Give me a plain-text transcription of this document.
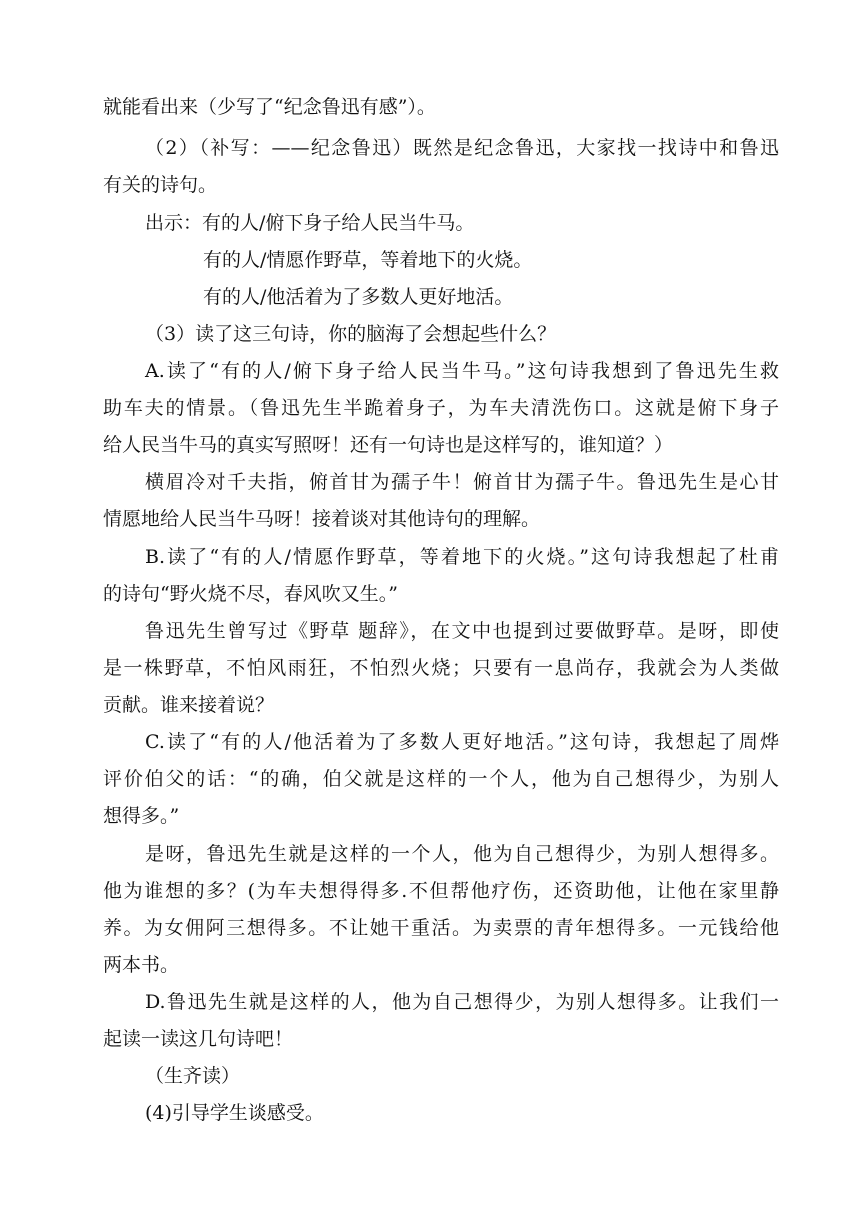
就能看出来（少写了“纪念鲁迅有感”）。
（2）（补写：——纪念鲁迅）既然是纪念鲁迅，大家找一找诗中和鲁迅
有关的诗句。
出示：有的人/俯下身子给人民当牛马。
有的人/情愿作野草，等着地下的火烧。
有的人/他活着为了多数人更好地活。
（3）读了这三句诗，你的脑海了会想起些什么？
A.读了“有的人/俯下身子给人民当牛马。”这句诗我想到了鲁迅先生救
助车夫的情景。（鲁迅先生半跪着身子，为车夫清洗伤口。这就是俯下身子
给人民当牛马的真实写照呀！还有一句诗也是这样写的，谁知道？）
横眉冷对千夫指，俯首甘为孺子牛！俯首甘为孺子牛。鲁迅先生是心甘
情愿地给人民当牛马呀！接着谈对其他诗句的理解。
B.读了“有的人/情愿作野草，等着地下的火烧。”这句诗我想起了杜甫
的诗句“野火烧不尽，春风吹又生。”
鲁迅先生曾写过《野草 题辞》，在文中也提到过要做野草。是呀，即使
是一株野草，不怕风雨狂，不怕烈火烧；只要有一息尚存，我就会为人类做
贡献。谁来接着说？
C.读了“有的人/他活着为了多数人更好地活。”这句诗，我想起了周烨
评价伯父的话：“的确，伯父就是这样的一个人，他为自己想得少，为别人
想得多。”
是呀，鲁迅先生就是这样的一个人，他为自己想得少，为别人想得多。
他为谁想的多？(为车夫想得得多.不但帮他疗伤，还资助他，让他在家里静
养。为女佣阿三想得多。不让她干重活。为卖票的青年想得多。一元钱给他
两本书。
D.鲁迅先生就是这样的人，他为自己想得少，为别人想得多。让我们一
起读一读这几句诗吧！
（生齐读）
(4)引导学生谈感受。
